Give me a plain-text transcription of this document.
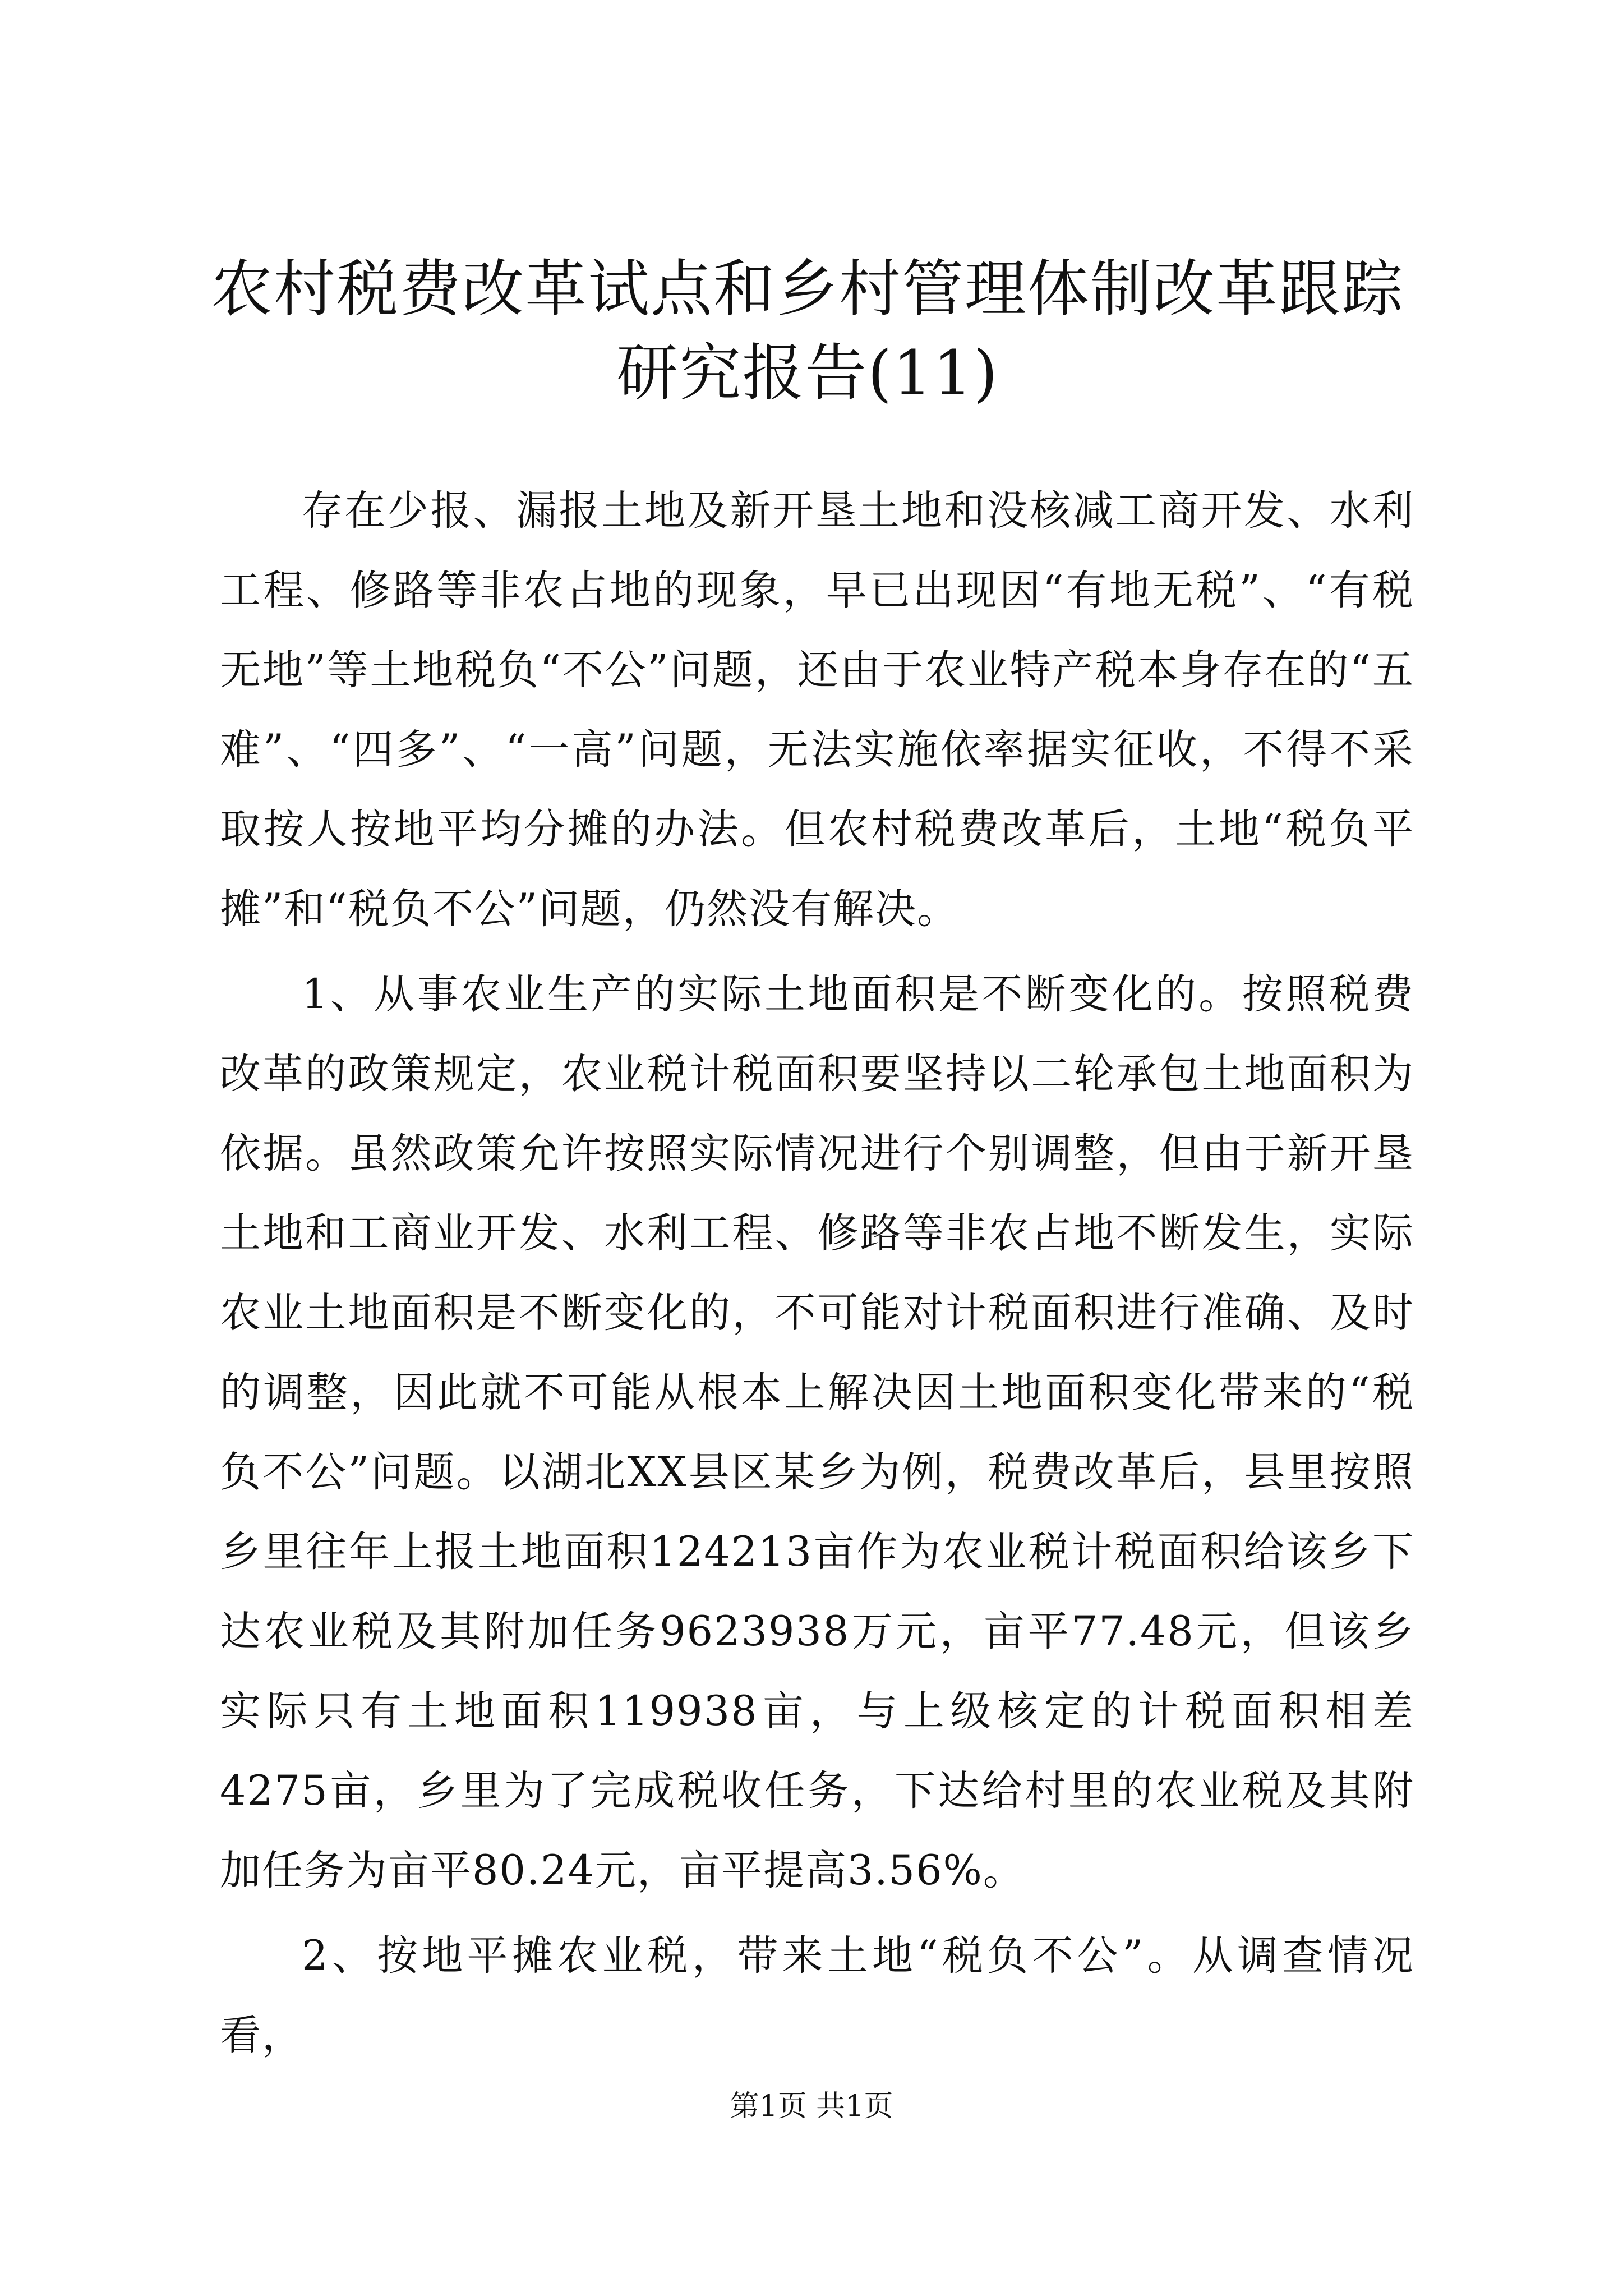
农村税费改革试点和乡村管理体制改革跟踪研究报告(11)

存在少报、漏报土地及新开垦土地和没核减工商开发、水利工程、修路等非农占地的现象，早已出现因“有地无税”、“有税无地”等土地税负“不公”问题，还由于农业特产税本身存在的“五难”、“四多”、“一高”问题，无法实施依率据实征收，不得不采取按人按地平均分摊的办法。但农村税费改革后，土地“税负平摊”和“税负不公”问题，仍然没有解决。

1、从事农业生产的实际土地面积是不断变化的。按照税费改革的政策规定，农业税计税面积要坚持以二轮承包土地面积为依据。虽然政策允许按照实际情况进行个别调整，但由于新开垦土地和工商业开发、水利工程、修路等非农占地不断发生，实际农业土地面积是不断变化的，不可能对计税面积进行准确、及时的调整，因此就不可能从根本上解决因土地面积变化带来的“税负不公”问题。以湖北XX县区某乡为例，税费改革后，县里按照乡里往年上报土地面积124213亩作为农业税计税面积给该乡下达农业税及其附加任务9623938万元，亩平77.48元，但该乡实际只有土地面积119938亩，与上级核定的计税面积相差4275亩，乡里为了完成税收任务，下达给村里的农业税及其附加任务为亩平80.24元，亩平提高3.56%。

2、按地平摊农业税，带来土地“税负不公”。从调查情况看，

第1页 共1页
